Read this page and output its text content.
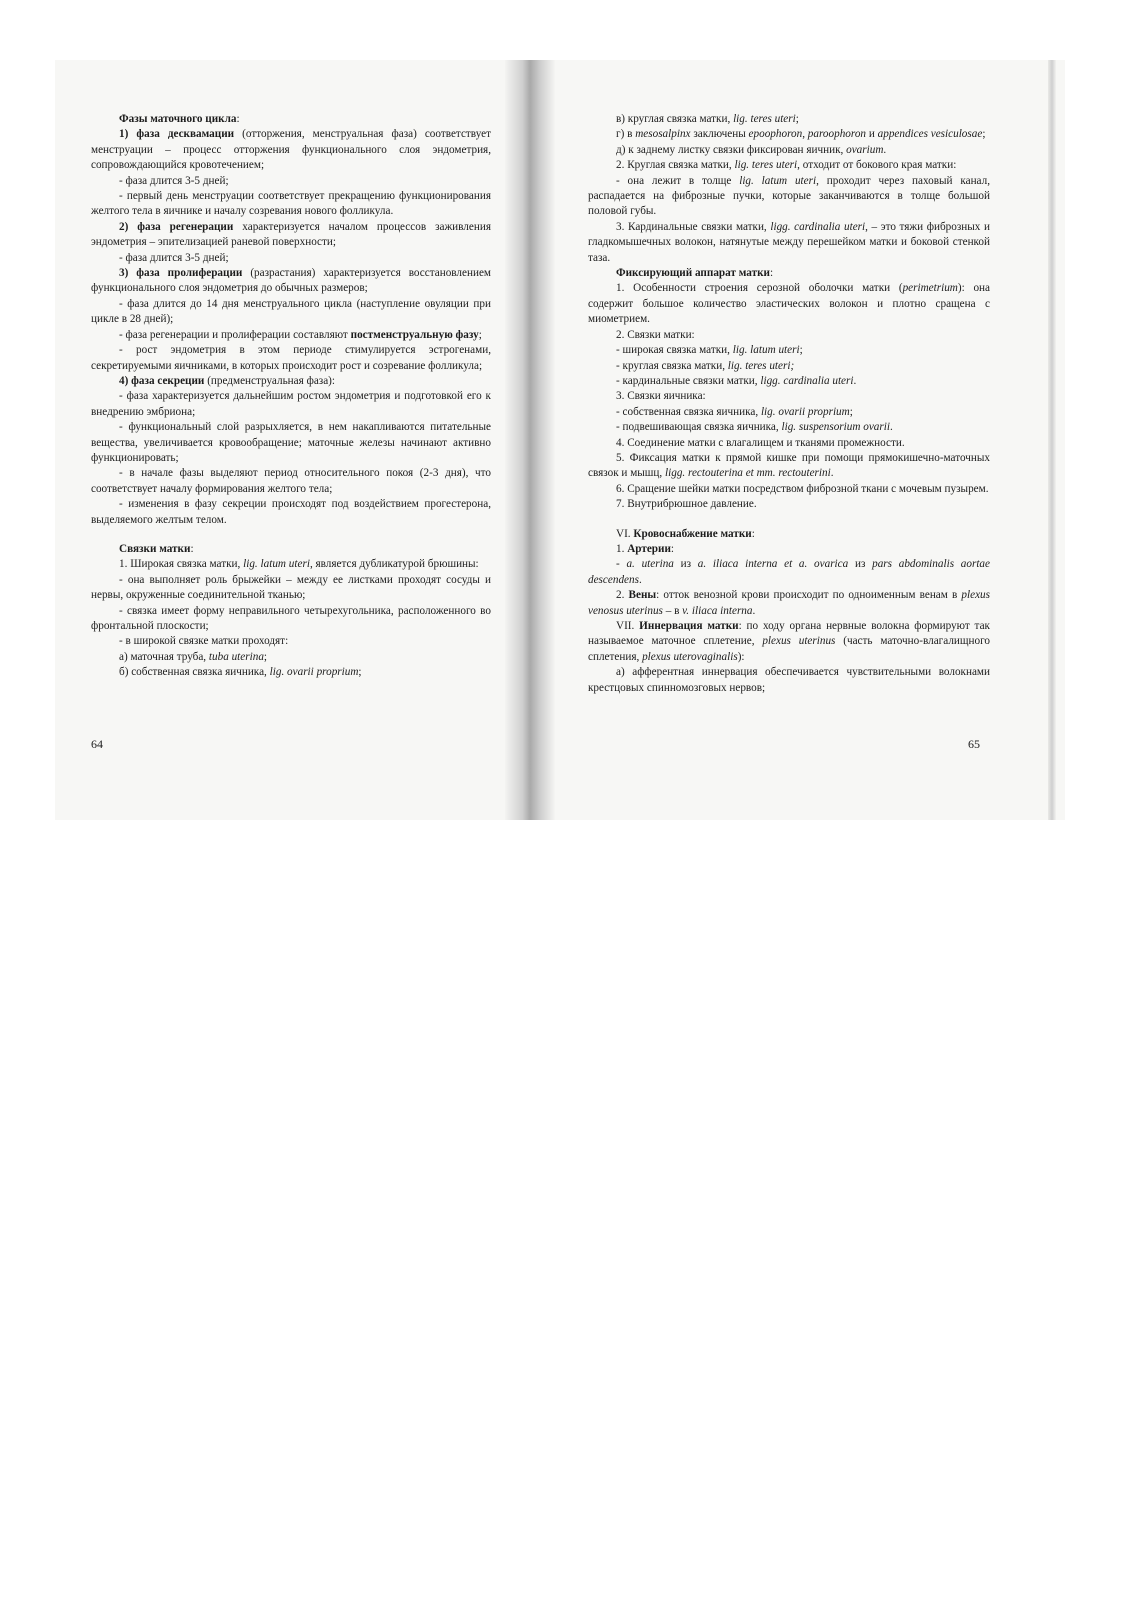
Фазы маточного цикла:

1) фаза десквамации (отторжения, менструальная фаза) соответствует менструации – процесс отторжения функционального слоя эндометрия, сопровождающийся кровотечением;

- фаза длится 3-5 дней;

- первый день менструации соответствует прекращению функционирования желтого тела в яичнике и началу созревания нового фолликула.

2) фаза регенерации характеризуется началом процессов заживления эндометрия – эпителизацией раневой поверхности;

- фаза длится 3-5 дней;

3) фаза пролиферации (разрастания) характеризуется восстановлением функционального слоя эндометрия до обычных размеров;

- фаза длится до 14 дня менструального цикла (наступление овуляции при цикле в 28 дней);

- фаза регенерации и пролиферации составляют постменструальную фазу;

- рост эндометрия в этом периоде стимулируется эстрогенами, секретируемыми яичниками, в которых происходит рост и созревание фолликула;

4) фаза секреции (предменструальная фаза):

- фаза характеризуется дальнейшим ростом эндометрия и подготовкой его к внедрению эмбриона;

- функциональный слой разрыхляется, в нем накапливаются питательные вещества, увеличивается кровообращение; маточные железы начинают активно функционировать;

- в начале фазы выделяют период относительного покоя (2-3 дня), что соответствует началу формирования желтого тела;

- изменения в фазу секреции происходят под воздействием прогестерона, выделяемого желтым телом.

Связки матки:

1. Широкая связка матки, lig. latum uteri, является дубликатурой брюшины:

- она выполняет роль брыжейки – между ее листками проходят сосуды и нервы, окруженные соединительной тканью;

- связка имеет форму неправильного четырехугольника, расположенного во фронтальной плоскости;

- в широкой связке матки проходят:

а) маточная труба, tuba uterina;

б) собственная связка яичника, lig. ovarii proprium;

в) круглая связка матки, lig. teres uteri;

г) в mesosalpinx заключены epoophoron, paroophoron и appendices vesiculosae;

д) к заднему листку связки фиксирован яичник, ovarium.

2. Круглая связка матки, lig. teres uteri, отходит от бокового края матки:

- она лежит в толще lig. latum uteri, проходит через паховый канал, распадается на фиброзные пучки, которые заканчиваются в толще большой половой губы.

3. Кардинальные связки матки, ligg. cardinalia uteri, – это тяжи фиброзных и гладкомышечных волокон, натянутые между перешейком матки и боковой стенкой таза.

Фиксирующий аппарат матки:

1. Особенности строения серозной оболочки матки (perimetrium): она содержит большое количество эластических волокон и плотно сращена с миометрием.

2. Связки матки:

- широкая связка матки, lig. latum uteri;

- круглая связка матки, lig. teres uteri;

- кардинальные связки матки, ligg. cardinalia uteri.

3. Связки яичника:

- собственная связка яичника, lig. ovarii proprium;

- подвешивающая связка яичника, lig. suspensorium ovarii.

4. Соединение матки с влагалищем и тканями промежности.

5. Фиксация матки к прямой кишке при помощи прямокишечно-маточных связок и мышц, ligg. rectouterina et mm. rectouterini.

6. Сращение шейки матки посредством фиброзной ткани с мочевым пузырем.

7. Внутрибрюшное давление.

VI. Кровоснабжение матки:

1. Артерии:

- a. uterina из a. iliaca interna et a. ovarica из pars abdominalis aortae descendens.

2. Вены: отток венозной крови происходит по одноименным венам в plexus venosus uterinus – в v. iliaca interna.

VII. Иннервация матки: по ходу органа нервные волокна формируют так называемое маточное сплетение, plexus uterinus (часть маточно-влагалищного сплетения, plexus uterovaginalis):

а) афферентная иннервация обеспечивается чувствительными волокнами крестцовых спинномозговых нервов;

64	65
